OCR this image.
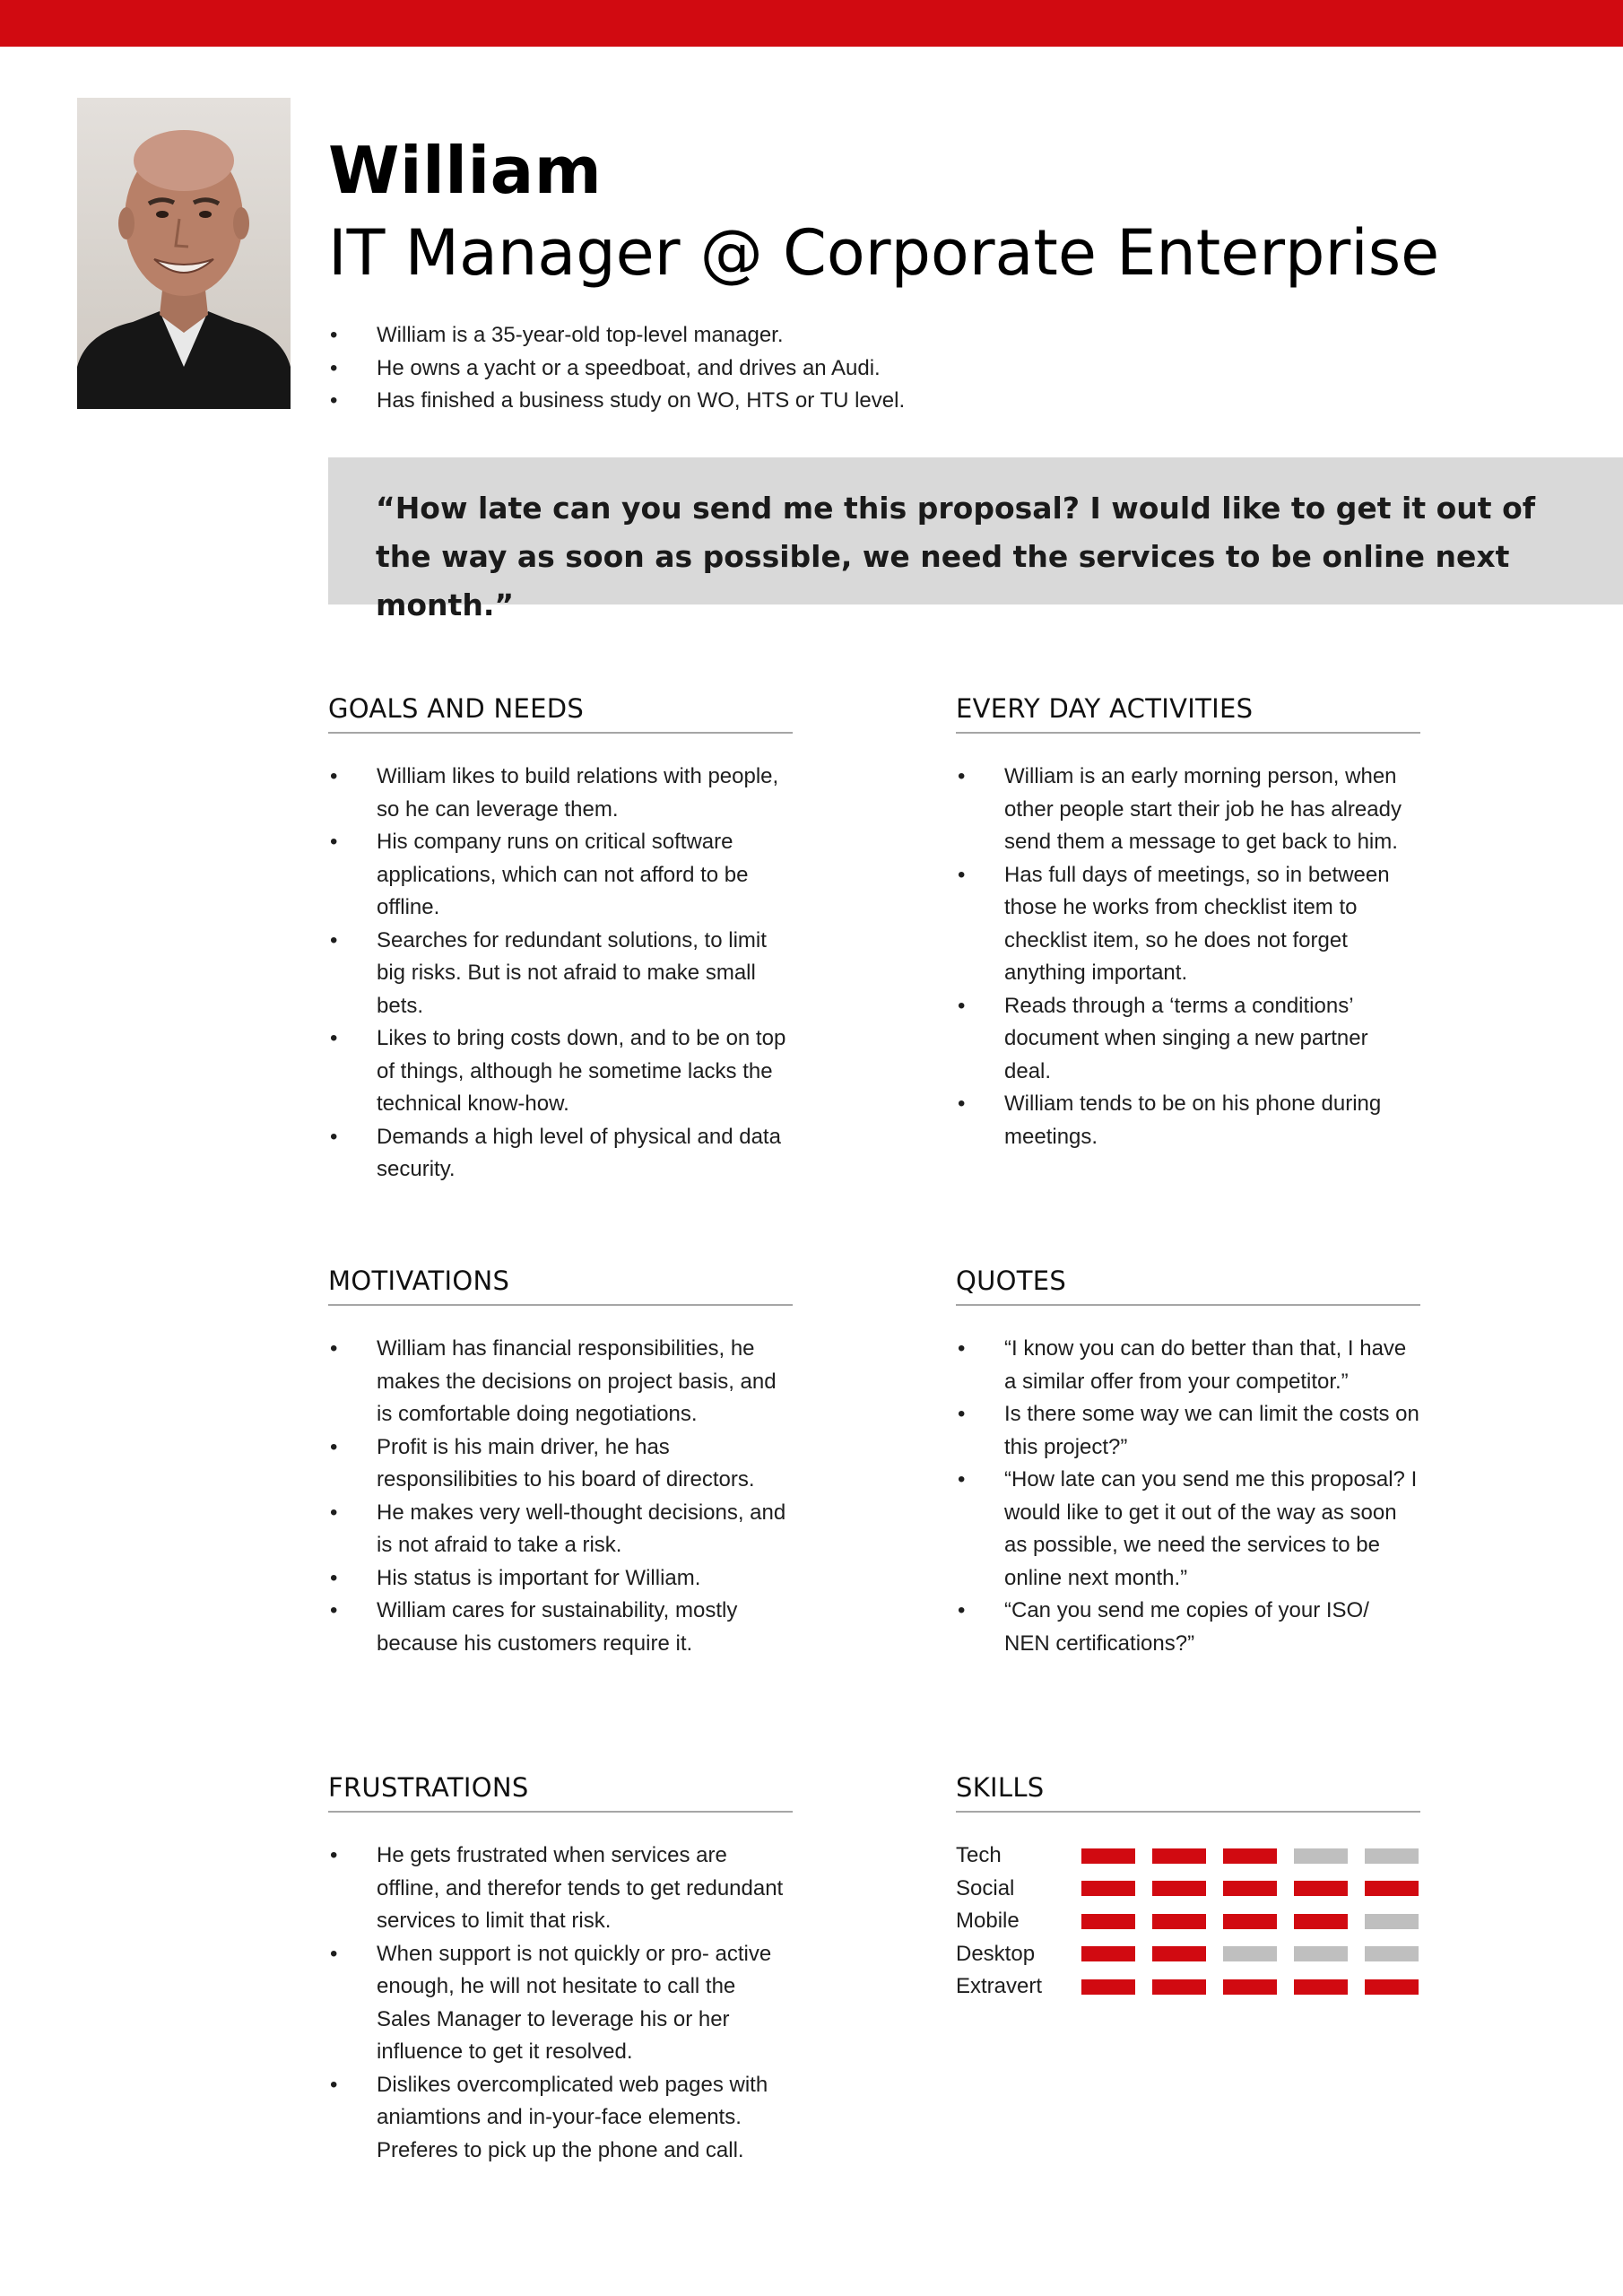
William
IT Manager @ Corporate Enterprise
• William is a 35-year-old top-level manager.
• He owns a yacht or a speedboat, and drives an Audi.
• Has finished a business study on WO, HTS or TU level.

“How late can you send me this proposal? I would like to get it out of the way as soon as possible, we need the services to be online next month.”

GOALS AND NEEDS
• William likes to build relations with people, so he can leverage them.
• His company runs on critical software applications, which can not afford to be offline.
• Searches for redundant solutions, to limit big risks. But is not afraid to make small bets.
• Likes to bring costs down, and to be on top of things, although he sometime lacks the technical know-how.
• Demands a high level of physical and data security.
EVERY DAY ACTIVITIES
• William is an early morning person, when other people start their job he has already send them a message to get back to him.
• Has full days of meetings, so in between those he works from checklist item to checklist item, so he does not forget anything important.
• Reads through a ‘terms a conditions’ document when singing a new partner deal.
• William tends to be on his phone during meetings.
MOTIVATIONS
• William has financial responsibilities, he makes the decisions on project basis, and is comfortable doing negotiations.
• Profit is his main driver, he has responsilibities to his board of directors.
• He makes very well-thought decisions, and is not afraid to take a risk.
• His status is important for William.
• William cares for sustainability, mostly because his customers require it.
QUOTES
• “I know you can do better than that, I have a similar offer from your competitor.”
• Is there some way we can limit the costs on this project?”
• “How late can you send me this proposal? I would like to get it out of the way as soon as possible, we need the services to be online next month.”
• “Can you send me copies of your ISO/ NEN certifications?”
FRUSTRATIONS
• He gets frustrated when services are offline, and therefor tends to get redundant services to limit that risk.
• When support is not quickly or pro- active enough, he will not hesitate to call the Sales Manager to leverage his or her influence to get it resolved.
• Dislikes overcomplicated web pages with aniamtions and in-your-face elements. Preferes to pick up the phone and call.
SKILLS
Tech
Social
Mobile
Desktop
Extravert
